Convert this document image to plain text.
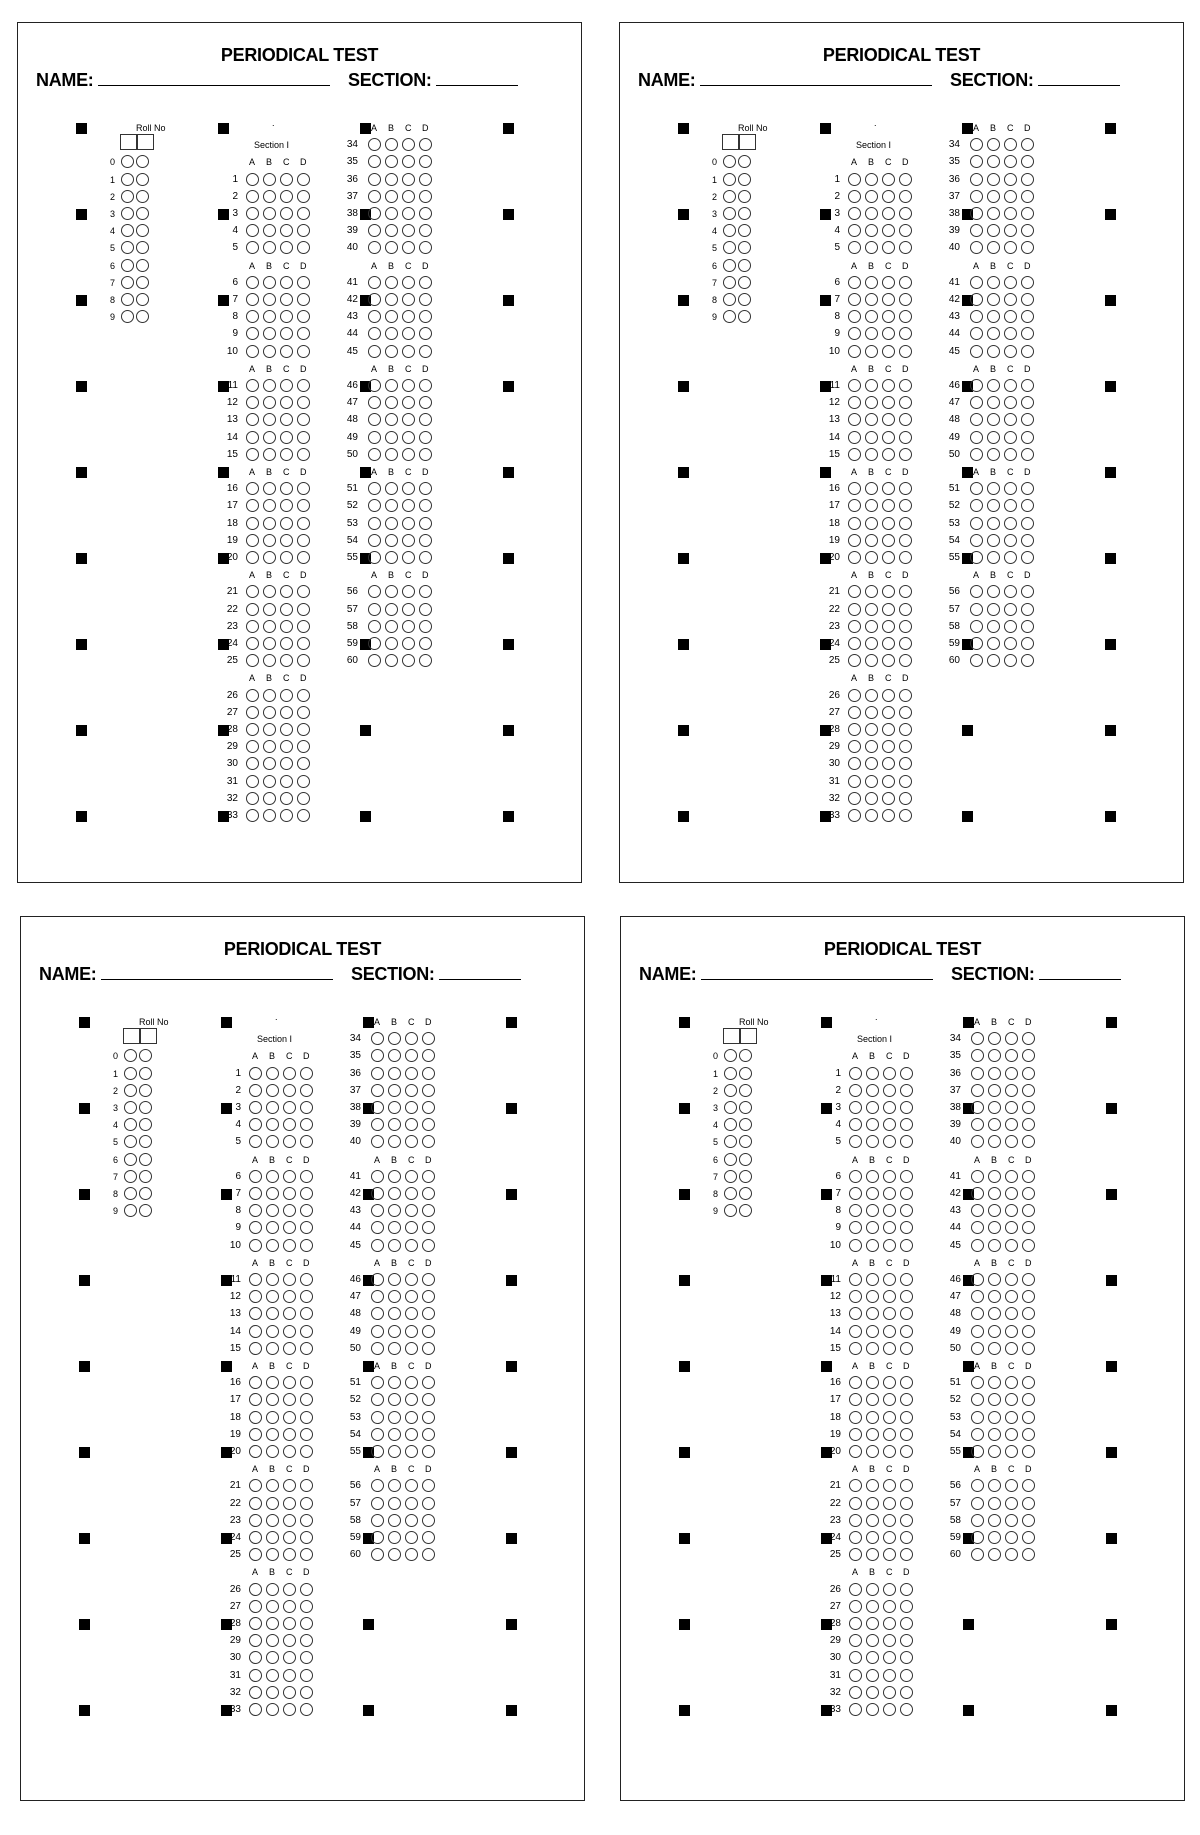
PERIODICAL TEST
NAME:	SECTION:
Roll No
0
1
2
3
4
5
6
7
8
9
.
Section I
A B C D
1
2
3
4
5
A B C D
6
7
8
9
10
A B C D
11
12
13
14
15
A B C D
16
17
18
19
20
A B C D
21
22
23
24
25
A B C D
26
27
28
29
30
31
32
33
A B C D
34
35
36
37
38
39
40
A B C D
41
42
43
44
45
A B C D
46
47
48
49
50
A B C D
51
52
53
54
55
A B C D
56
57
58
59
60
PERIODICAL TEST
NAME:	SECTION:
Roll No
0
1
2
3
4
5
6
7
8
9
.
Section I
A B C D
1
2
3
4
5
A B C D
6
7
8
9
10
A B C D
11
12
13
14
15
A B C D
16
17
18
19
20
A B C D
21
22
23
24
25
A B C D
26
27
28
29
30
31
32
33
A B C D
34
35
36
37
38
39
40
A B C D
41
42
43
44
45
A B C D
46
47
48
49
50
A B C D
51
52
53
54
55
A B C D
56
57
58
59
60
PERIODICAL TEST
NAME:	SECTION:
Roll No
0
1
2
3
4
5
6
7
8
9
.
Section I
A B C D
1
2
3
4
5
A B C D
6
7
8
9
10
A B C D
11
12
13
14
15
A B C D
16
17
18
19
20
A B C D
21
22
23
24
25
A B C D
26
27
28
29
30
31
32
33
A B C D
34
35
36
37
38
39
40
A B C D
41
42
43
44
45
A B C D
46
47
48
49
50
A B C D
51
52
53
54
55
A B C D
56
57
58
59
60
PERIODICAL TEST
NAME:	SECTION:
Roll No
0
1
2
3
4
5
6
7
8
9
.
Section I
A B C D
1
2
3
4
5
A B C D
6
7
8
9
10
A B C D
11
12
13
14
15
A B C D
16
17
18
19
20
A B C D
21
22
23
24
25
A B C D
26
27
28
29
30
31
32
33
A B C D
34
35
36
37
38
39
40
A B C D
41
42
43
44
45
A B C D
46
47
48
49
50
A B C D
51
52
53
54
55
A B C D
56
57
58
59
60
